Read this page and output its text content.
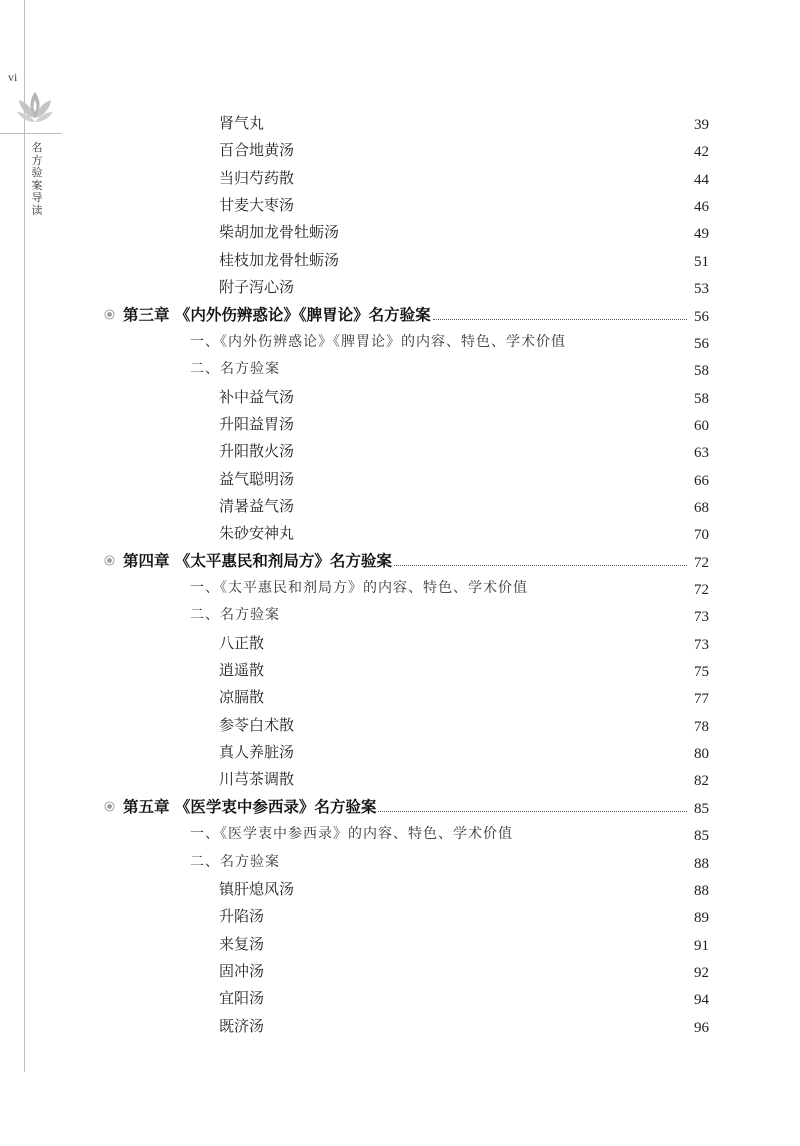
vi
名
方
验
案
导
读
肾气丸	39
百合地黄汤	42
当归芍药散	44
甘麦大枣汤	46
柴胡加龙骨牡蛎汤	49
桂枝加龙骨牡蛎汤	51
附子泻心汤	53
第三章 《内外伤辨惑论》《脾胃论》名方验案	56
一、《内外伤辨惑论》《脾胃论》的内容、特色、学术价值	56
二、名方验案	58
补中益气汤	58
升阳益胃汤	60
升阳散火汤	63
益气聪明汤	66
清暑益气汤	68
朱砂安神丸	70
第四章 《太平惠民和剂局方》名方验案	72
一、《太平惠民和剂局方》的内容、特色、学术价值	72
二、名方验案	73
八正散	73
逍遥散	75
凉膈散	77
参苓白术散	78
真人养脏汤	80
川芎茶调散	82
第五章 《医学衷中参西录》名方验案	85
一、《医学衷中参西录》的内容、特色、学术价值	85
二、名方验案	88
镇肝熄风汤	88
升陷汤	89
来复汤	91
固冲汤	92
宜阳汤	94
既济汤	96
